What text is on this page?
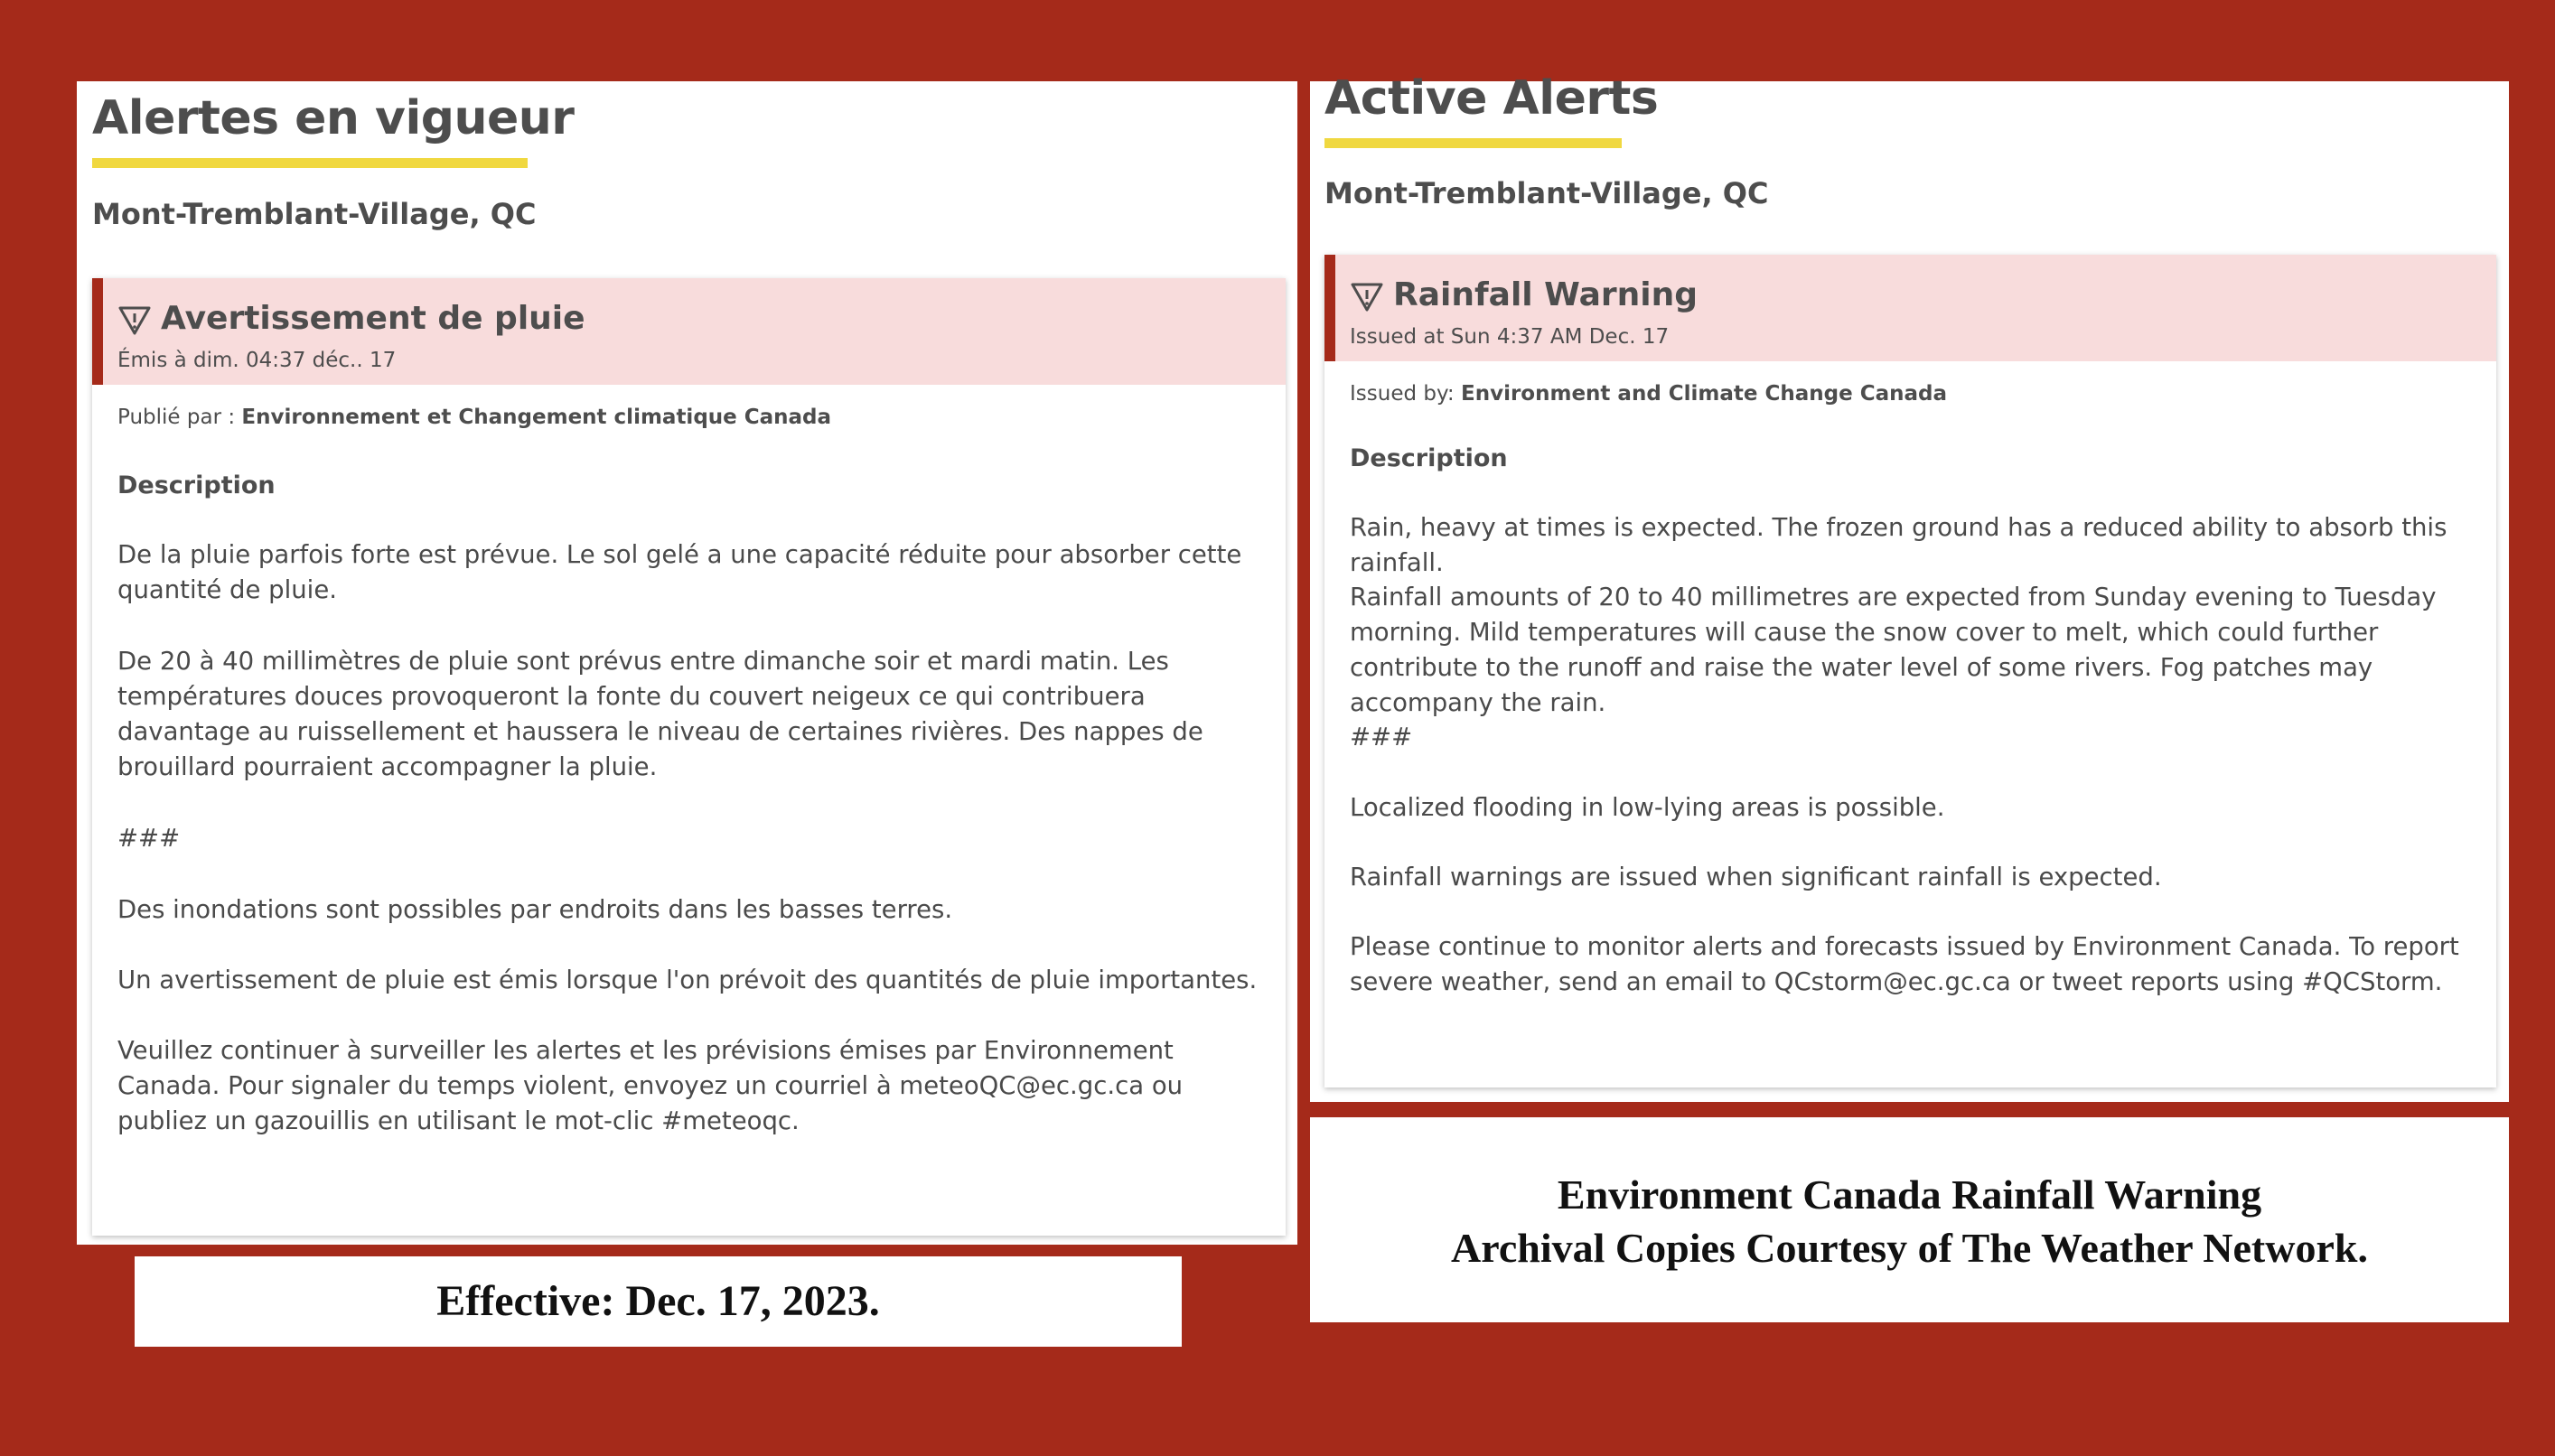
Alertes en vigueur
Mont-Tremblant-Village, QC
Avertissement de pluie
Émis à dim. 04:37 déc.. 17
Publié par : Environnement et Changement climatique Canada
Description

De la pluie parfois forte est prévue. Le sol gelé a une capacité réduite pour absorber cette quantité de pluie.

De 20 à 40 millimètres de pluie sont prévus entre dimanche soir et mardi matin. Les températures douces provoqueront la fonte du couvert neigeux ce qui contribuera davantage au ruissellement et haussera le niveau de certaines rivières. Des nappes de brouillard pourraient accompagner la pluie.

###

Des inondations sont possibles par endroits dans les basses terres.

Un avertissement de pluie est émis lorsque l'on prévoit des quantités de pluie importantes.

Veuillez continuer à surveiller les alertes et les prévisions émises par Environnement Canada. Pour signaler du temps violent, envoyez un courriel à meteoQC@ec.gc.ca ou publiez un gazouillis en utilisant le mot-clic #meteoqc.

Active Alerts
Mont-Tremblant-Village, QC
Rainfall Warning
Issued at Sun 4:37 AM Dec. 17
Issued by: Environment and Climate Change Canada
Description

Rain, heavy at times is expected. The frozen ground has a reduced ability to absorb this rainfall.

Rainfall amounts of 20 to 40 millimetres are expected from Sunday evening to Tuesday morning. Mild temperatures will cause the snow cover to melt, which could further contribute to the runoff and raise the water level of some rivers. Fog patches may accompany the rain.

###

Localized flooding in low-lying areas is possible.

Rainfall warnings are issued when significant rainfall is expected.

Please continue to monitor alerts and forecasts issued by Environment Canada. To report severe weather, send an email to QCstorm@ec.gc.ca or tweet reports using #QCStorm.

Effective: Dec. 17, 2023.
Environment Canada Rainfall Warning
Archival Copies Courtesy of The Weather Network.
